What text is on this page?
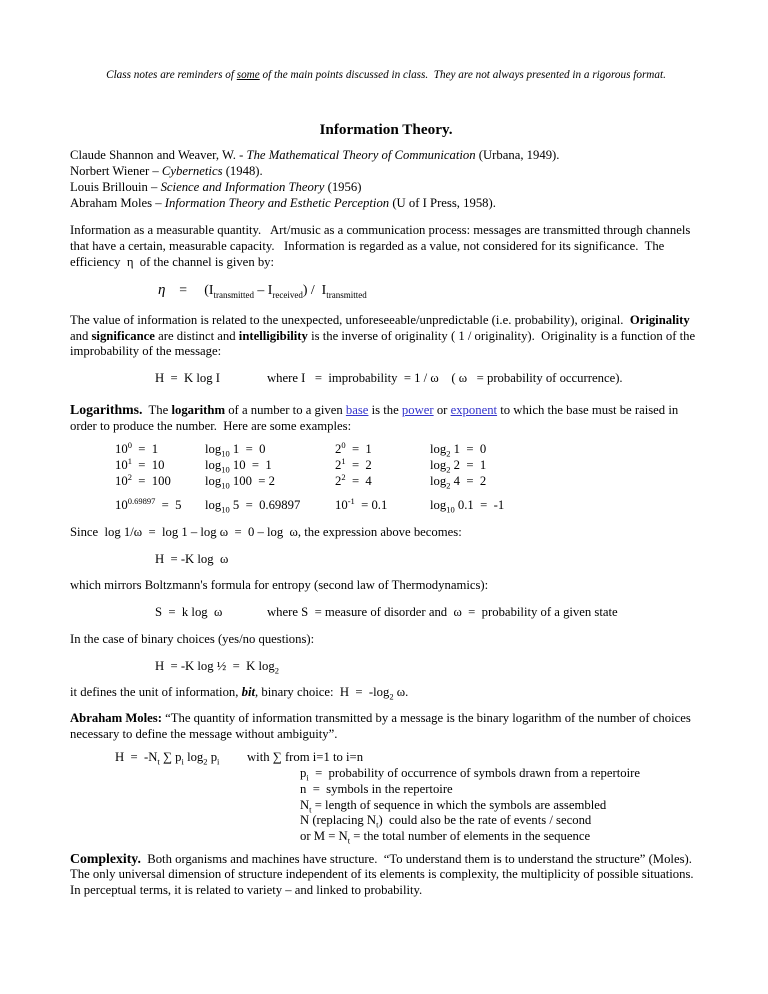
Class notes are reminders of some of the main points discussed in class.  They are not always presented in a rigorous format.
Information Theory.
Claude Shannon and Weaver, W. - The Mathematical Theory of Communication (Urbana, 1949).
Norbert Wiener – Cybernetics (1948).
Louis Brillouin – Science and Information Theory (1956)
Abraham Moles – Information Theory and Esthetic Perception (U of I Press, 1958).
Information as a measurable quantity.   Art/music as a communication process: messages are transmitted through channels that have a certain, measurable capacity.   Information is regarded as a value, not considered for its significance.  The efficiency  η  of the channel is given by:
η    =     $(I_{transmitted} - I_{received}) / I_{transmitted}$
The value of information is related to the unexpected, unforeseeable/unpredictable (i.e. probability), original.  Originality and significance are distinct and intelligibility is the inverse of originality ( 1 / originality).  Originality is a function of the improbability of the message:
H  =  K log I	where I   =  improbability  = 1 / ω    ( ω   = probability of occurrence).
Logarithms.  The logarithm of a number to a given base is the power or exponent to which the base must be raised in order to produce the number.  Here are some examples:
$10^0 = 1$	$\log_{10} 1 = 0$	$2^0 = 1$	$\log_2 1 = 0$
$10^1 = 10$	$\log_{10} 10 = 1$	$2^1 = 2$	$\log_2 2 = 1$
$10^2 = 100$	$\log_{10} 100 = 2$	$2^2 = 4$	$\log_2 4 = 2$
$10^{0.69897} = 5$	$\log_{10} 5 = 0.69897$	$10^{-1} = 0.1$	$\log_{10} 0.1 = -1$
Since  log 1/ω  =  log 1 – log ω  =  0 – log  ω, the expression above becomes:
H  = -K log  ω
which mirrors Boltzmann's formula for entropy (second law of Thermodynamics):
S  =  k log  ω	where S  = measure of disorder and  ω  =  probability of a given state
In the case of binary choices (yes/no questions):
H  = -K log ½  =  K $\log_2$
it defines the unit of information, bit, binary choice:  $H = -\log_2$ ω.
Abraham Moles: “The quantity of information transmitted by a message is the binary logarithm of the number of choices necessary to define the message without ambiguity”.
$H = -N_t$ ∑ $p_i$ $\log_2 p_i$ with ∑ from i=1 to i=n
$p_i$  =  probability of occurrence of symbols drawn from a repertoire
n  =  symbols in the repertoire
$N_t$ = length of sequence in which the symbols are assembled
N (replacing $N_t$)  could also be the rate of events / second
or $M = N_t$ = the total number of elements in the sequence
Complexity.  Both organisms and machines have structure.  “To understand them is to understand the structure” (Moles). The only universal dimension of structure independent of its elements is complexity, the multiplicity of possible situations. In perceptual terms, it is related to variety – and linked to probability.
